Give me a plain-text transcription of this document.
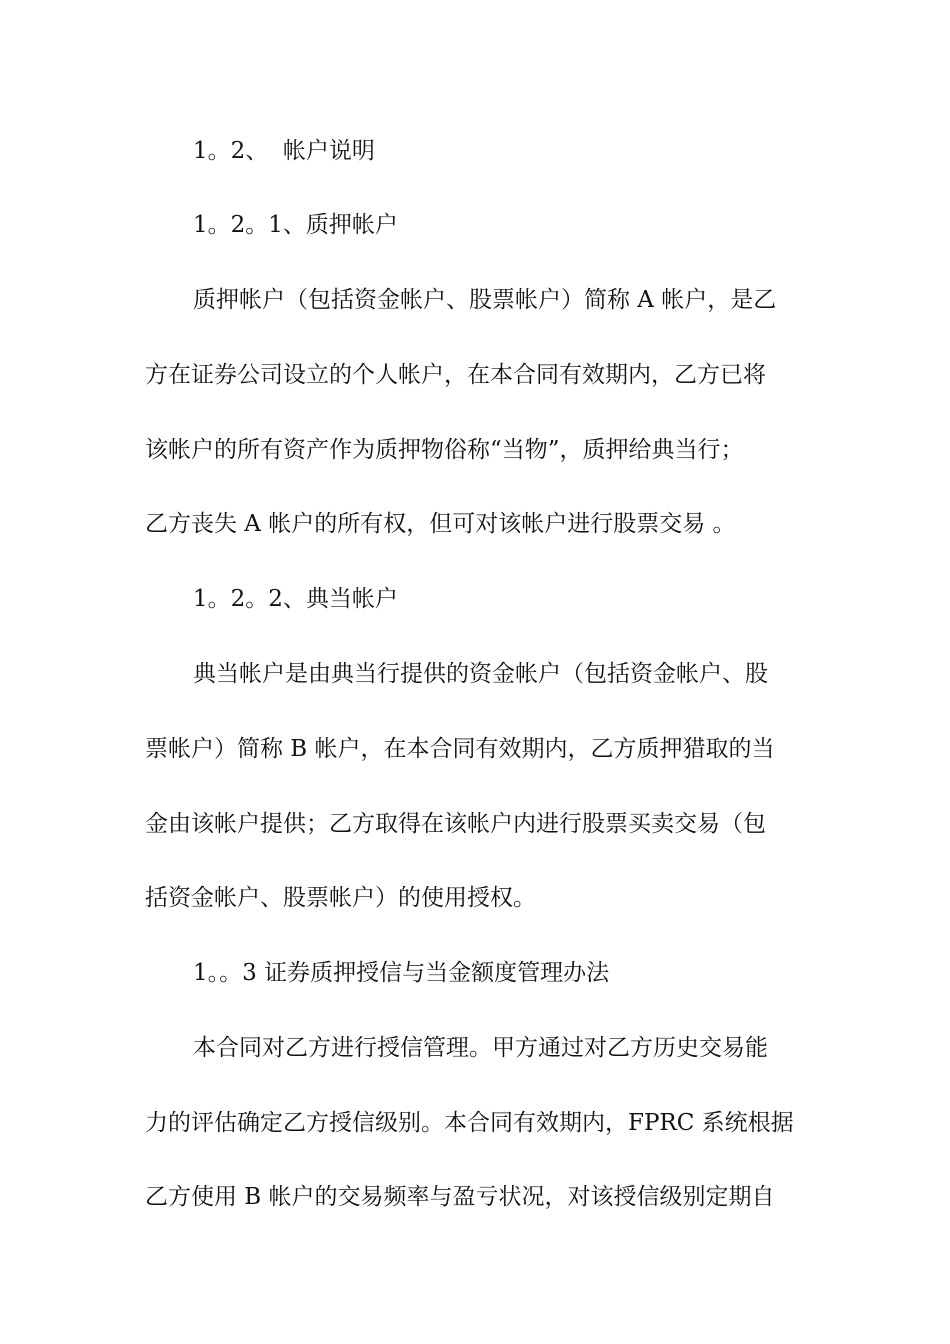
1。2、  帐户说明
1。2。1、质押帐户
质押帐户（包括资金帐户、股票帐户）简称 A 帐户，是乙
方在证券公司设立的个人帐户，在本合同有效期内，乙方已将
该帐户的所有资产作为质押物俗称“当物”，质押给典当行；
乙方丧失 A 帐户的所有权，但可对该帐户进行股票交易 。
1。2。2、典当帐户
典当帐户是由典当行提供的资金帐户（包括资金帐户、股
票帐户）简称 B 帐户，在本合同有效期内，乙方质押猎取的当
金由该帐户提供；乙方取得在该帐户内进行股票买卖交易（包
括资金帐户、股票帐户）的使用授权。
1。。3 证券质押授信与当金额度管理办法
本合同对乙方进行授信管理。甲方通过对乙方历史交易能
力的评估确定乙方授信级别。本合同有效期内，FPRC 系统根据
乙方使用 B 帐户的交易频率与盈亏状况，对该授信级别定期自
